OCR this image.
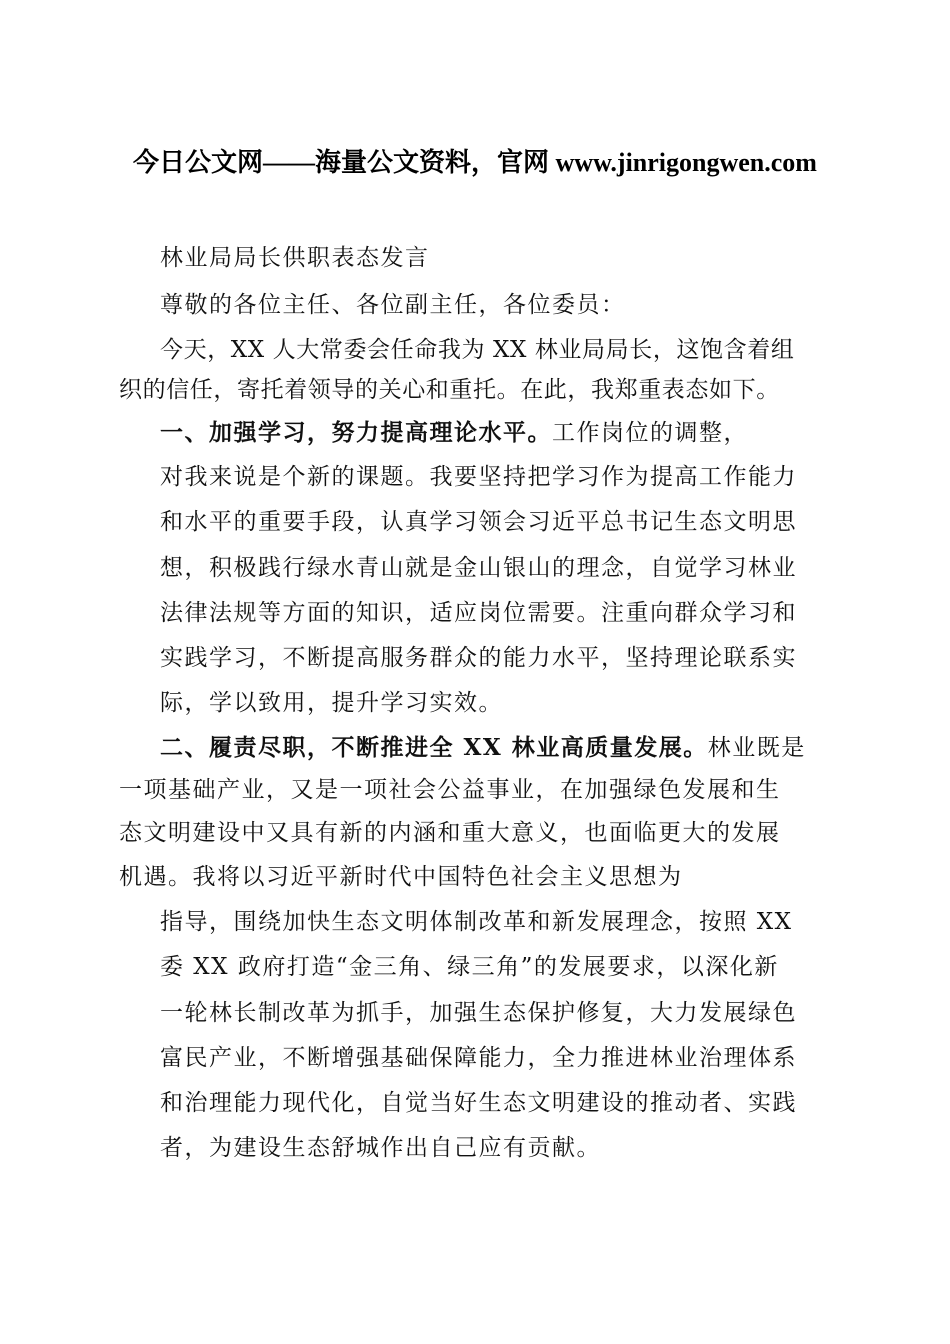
今日公文网——海量公文资料，官网 www.jinrigongwen.com
林业局局长供职表态发言
尊敬的各位主任、各位副主任，各位委员：
今天，XX 人大常委会任命我为 XX 林业局局长，这饱含着组
织的信任，寄托着领导的关心和重托。在此，我郑重表态如下。
一、加强学习，努力提高理论水平。工作岗位的调整，
对我来说是个新的课题。我要坚持把学习作为提高工作能力
和水平的重要手段，认真学习领会习近平总书记生态文明思
想，积极践行绿水青山就是金山银山的理念，自觉学习林业
法律法规等方面的知识，适应岗位需要。注重向群众学习和
实践学习，不断提高服务群众的能力水平，坚持理论联系实
际，学以致用，提升学习实效。
二、履责尽职，不断推进全 XX 林业高质量发展。林业既是
一项基础产业，又是一项社会公益事业，在加强绿色发展和生
态文明建设中又具有新的内涵和重大意义，也面临更大的发展
机遇。我将以习近平新时代中国特色社会主义思想为
指导，围绕加快生态文明体制改革和新发展理念，按照 XX
委 XX 政府打造“金三角、绿三角”的发展要求，以深化新
一轮林长制改革为抓手，加强生态保护修复，大力发展绿色
富民产业，不断增强基础保障能力，全力推进林业治理体系
和治理能力现代化，自觉当好生态文明建设的推动者、实践
者，为建设生态舒城作出自己应有贡献。
